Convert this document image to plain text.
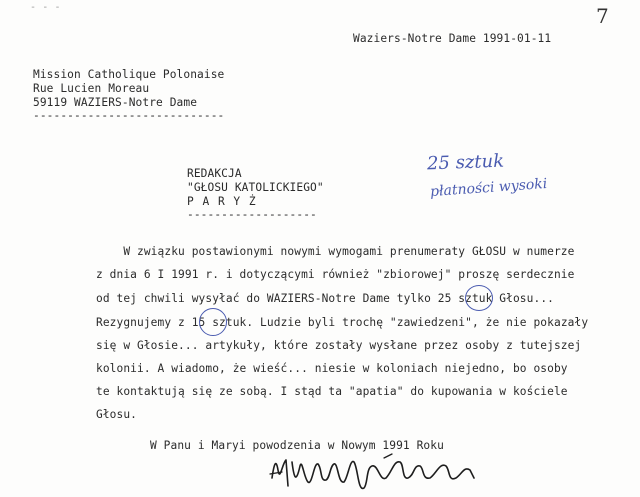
- - -	7
Waziers-Notre Dame 1991-01-11
Mission Catholique Polonaise
Rue Lucien Moreau
59119 WAZIERS-Notre Dame
----------------------------
REDAKCJA
"GŁOSU KATOLICKIEGO"
P A R Y Ż
-------------------
25 sztuk
płatności wysoki
W związku postawionymi nowymi wymogami prenumeraty GŁOSU w numerze
z dnia 6 I 1991 r. i dotyczącymi również "zbiorowej" proszę serdecznie
od tej chwili wysyłać do WAZIERS-Notre Dame tylko 25 sztuk Głosu...
Rezygnujemy z 15 sztuk. Ludzie byli trochę "zawiedzeni", że nie pokazały
się w Głosie... artykuły, które zostały wysłane przez osoby z tutejszej
kolonii. A wiadomo, że wieść... niesie w koloniach niejedno, bo osoby
te kontaktują się ze sobą. I stąd ta "apatia" do kupowania w kościele
Głosu.
W Panu i Maryi powodzenia w Nowym 1991 Roku
